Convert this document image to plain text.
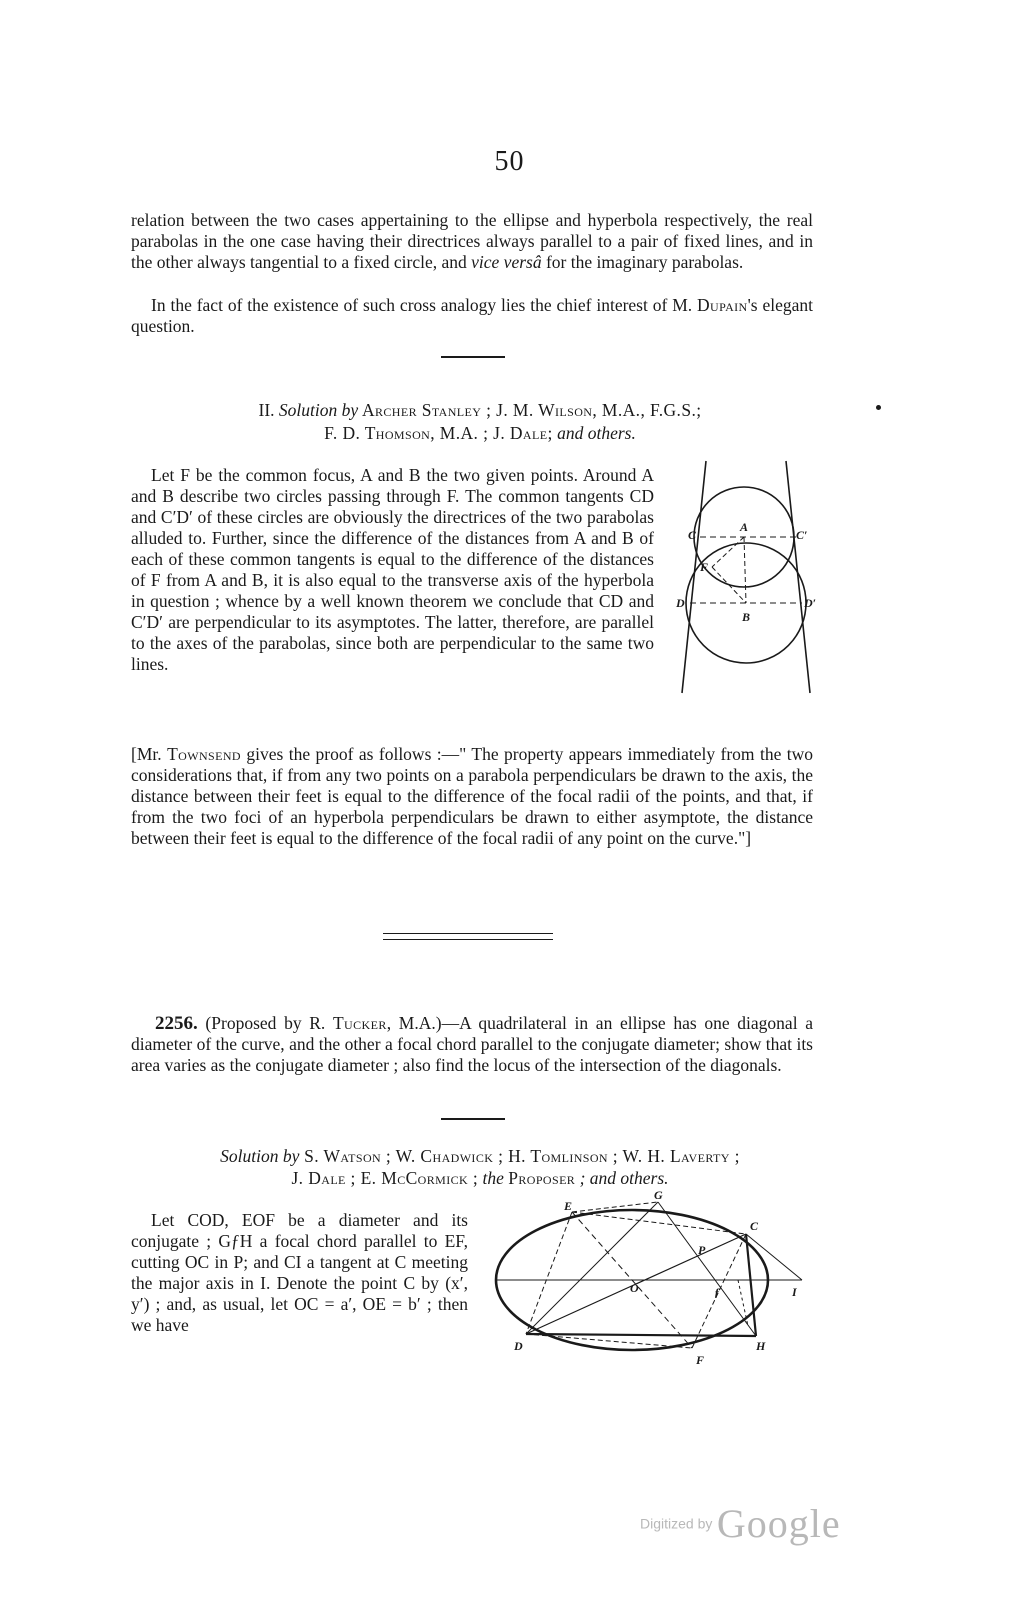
50

relation between the two cases appertaining to the ellipse and hyperbola respectively, the real parabolas in the one case having their directrices always parallel to a pair of fixed lines, and in the other always tangential to a fixed circle, and vice versâ for the imaginary parabolas.

In the fact of the existence of such cross analogy lies the chief interest of M. Dupain's elegant question.

II. Solution by Archer Stanley ; J. M. Wilson, M.A., F.G.S.;

F. D. Thomson, M.A. ; J. Dale; and others.

Let F be the common focus, A and B the two given points. Around A and B describe two circles passing through F. The common tangents CD and C′D′ of these circles are obviously the directrices of the two parabolas alluded to. Further, since the difference of the distances from A and B of each of these common tangents is equal to the difference of the distances of F from A and B, it is also equal to the transverse axis of the hyperbola in question ; whence by a well known theorem we conclude that CD and C′D′ are perpendicular to its asymptotes. The latter, therefore, are parallel to the axes of the parabolas, since both are perpendicular to the same two lines.

C
A
C′
F
D
B
D′

[Mr. Townsend gives the proof as follows :—" The property appears immediately from the two considerations that, if from any two points on a parabola perpendiculars be drawn to the axis, the distance between their feet is equal to the difference of the focal radii of the points, and that, if from the two foci of an hyperbola perpendiculars be drawn to either asymptote, the distance between their feet is equal to the difference of the focal radii of any point on the curve."]

2256. (Proposed by R. Tucker, M.A.)—A quadrilateral in an ellipse has one diagonal a diameter of the curve, and the other a focal chord parallel to the conjugate diameter; show that its area varies as the conjugate diameter ; also find the locus of the intersection of the diagonals.

Solution by S. Watson ; W. Chadwick ; H. Tomlinson ; W. H. Laverty ;

J. Dale ; E. McCormick ; the Proposer ; and others.

Let COD, EOF be a diameter and its conjugate ; GƒH a focal chord parallel to EF, cutting OC in P; and CI a tangent at C meeting the major axis in I. Denote the point C by (x′, y′) ; and, as usual, let OC = a′, OE = b′ ; then we have

E
G
C
P
O	ƒ	I
H
D
F
Digitized by Google
